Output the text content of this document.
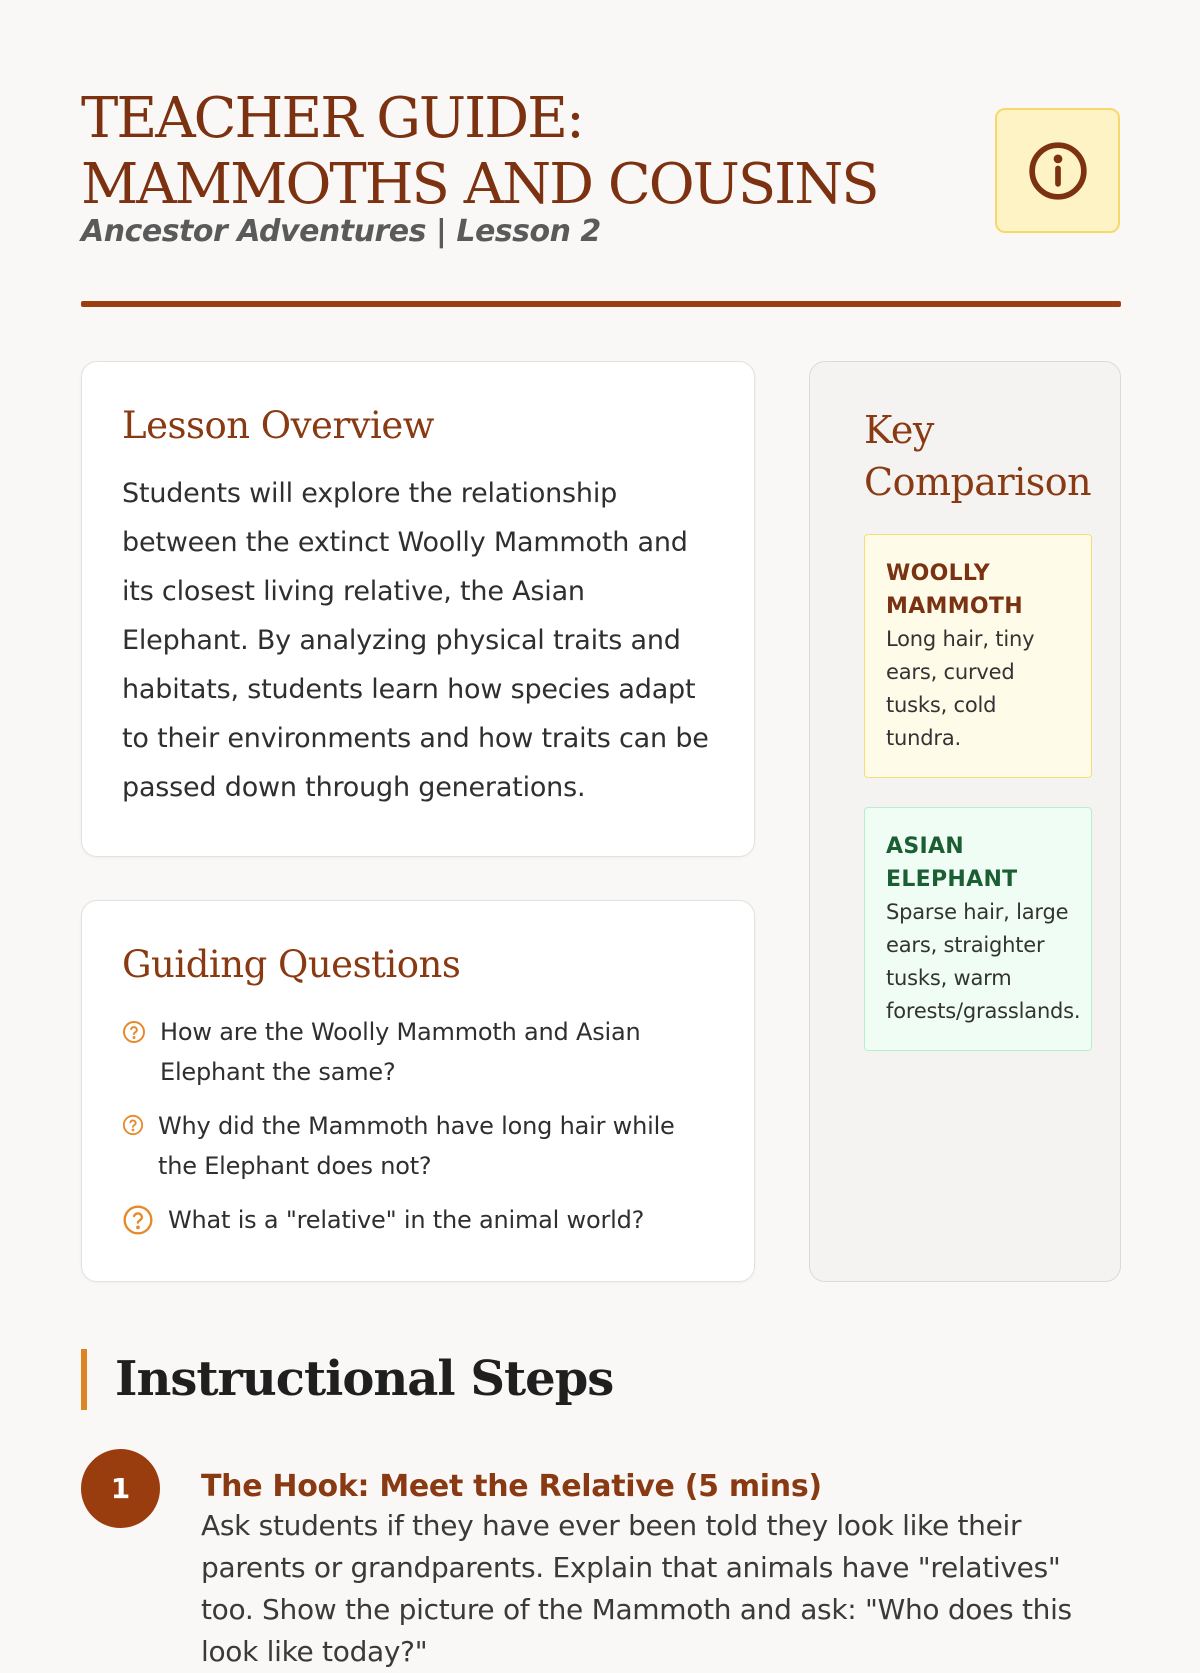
TEACHER GUIDE: MAMMOTHS AND COUSINS
Ancestor Adventures | Lesson 2
Lesson Overview

Students will explore the relationship between the extinct Woolly Mammoth and its closest living relative, the Asian Elephant. By analyzing physical traits and habitats, students learn how species adapt to their environments and how traits can be passed down through generations.

Guiding Questions
How are the Woolly Mammoth and Asian Elephant the same?
Why did the Mammoth have long hair while the Elephant does not?
What is a "relative" in the animal world?
Key Comparison
WOOLLY MAMMOTH
Long hair, tiny ears, curved tusks, cold tundra.
ASIAN ELEPHANT
Sparse hair, large ears, straighter tusks, warm forests/grasslands.
Instructional Steps
1	The Hook: Meet the Relative (5 mins)
Ask students if they have ever been told they look like their parents or grandparents. Explain that animals have "relatives" too. Show the picture of the Mammoth and ask: "Who does this look like today?"
